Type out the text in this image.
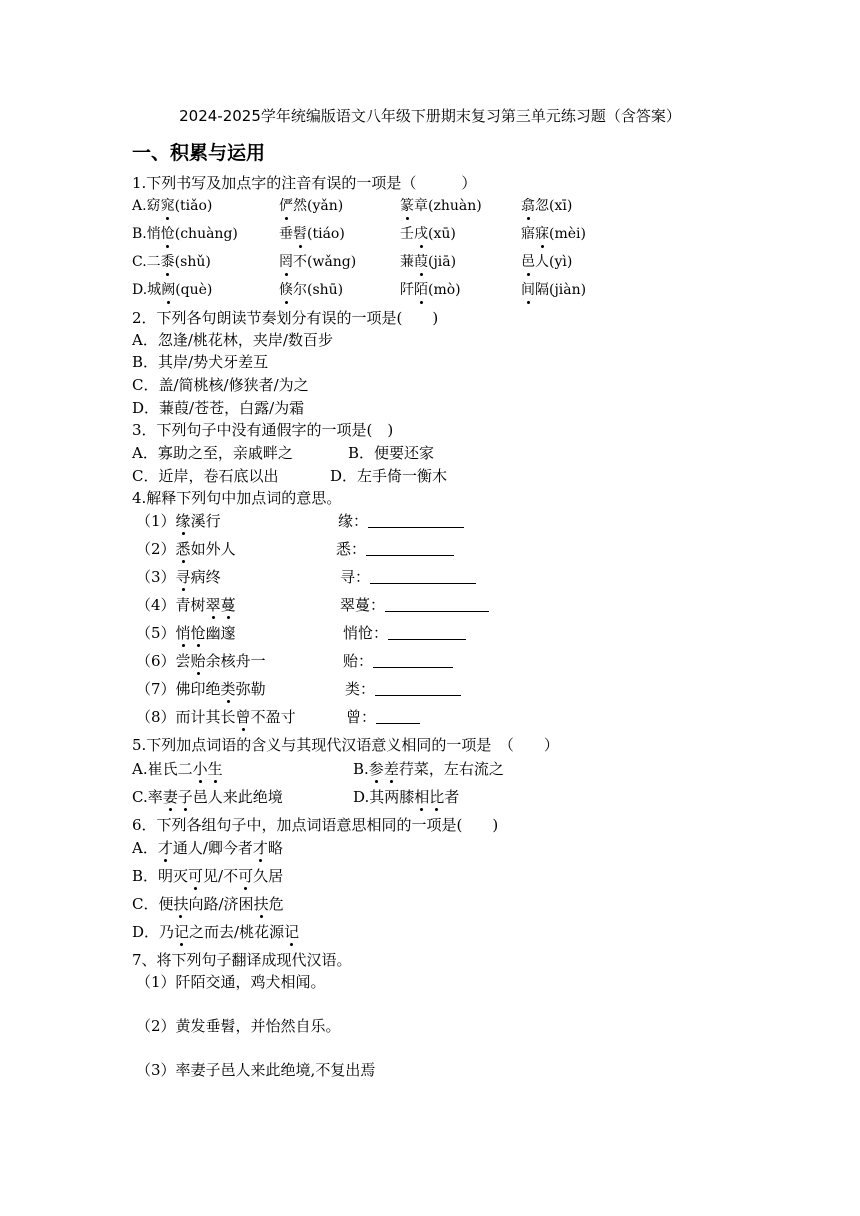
2024-2025学年统编版语文八年级下册期末复习第三单元练习题（含答案）
一、积累与运用
1.下列书写及加点字的注音有误的一项是（　　　）
A.窈窕(tiǎo)	俨然(yǎn)	篆章(zhuàn)	翕忽(xī)
B.悄怆(chuàng)	垂髫(tiáo)	壬戌(xū)	寤寐(mèi)
C.二黍(shǔ)	罔不(wǎng)	蒹葭(jiā)	邑人(yì)
D.城阙(què)	倏尔(shū)	阡陌(mò)	间隔(jiàn)
2．下列各句朗读节奏划分有误的一项是(　　)
A．忽逢/桃花林，夹岸/数百步
B．其岸/势犬牙差互
C．盖/简桃核/修狭者/为之
D．蒹葭/苍苍，白露/为霜
3．下列句子中没有通假字的一项是(　)
A．寡助之至，亲戚畔之	B．便要还家
C．近岸，卷石底以出	D．左手倚一衡木
4.解释下列句中加点词的意思。
（1）缘溪行	缘：
（2）悉如外人	悉：
（3）寻病终	寻：
（4）青树翠蔓	翠蔓：
（5）悄怆幽邃	悄怆：
（6）尝贻余核舟一	贻：
（7）佛印绝类弥勒	类：
（8）而计其长曾不盈寸	曾：
5.下列加点词语的含义与其现代汉语意义相同的一项是　（　　）
A.崔氏二小生	B.参差荇菜，左右流之
C.率妻子邑人来此绝境	D.其两膝相比者
6．下列各组句子中，加点词语意思相同的一项是(　　)
A．才通人/卿今者才略
B．明灭可见/不可久居
C．便扶向路/济困扶危
D．乃记之而去/桃花源记
7、将下列句子翻译成现代汉语。
（1）阡陌交通，鸡犬相闻。
（2）黄发垂髫，并怡然自乐。
（3）率妻子邑人来此绝境,不复出焉
